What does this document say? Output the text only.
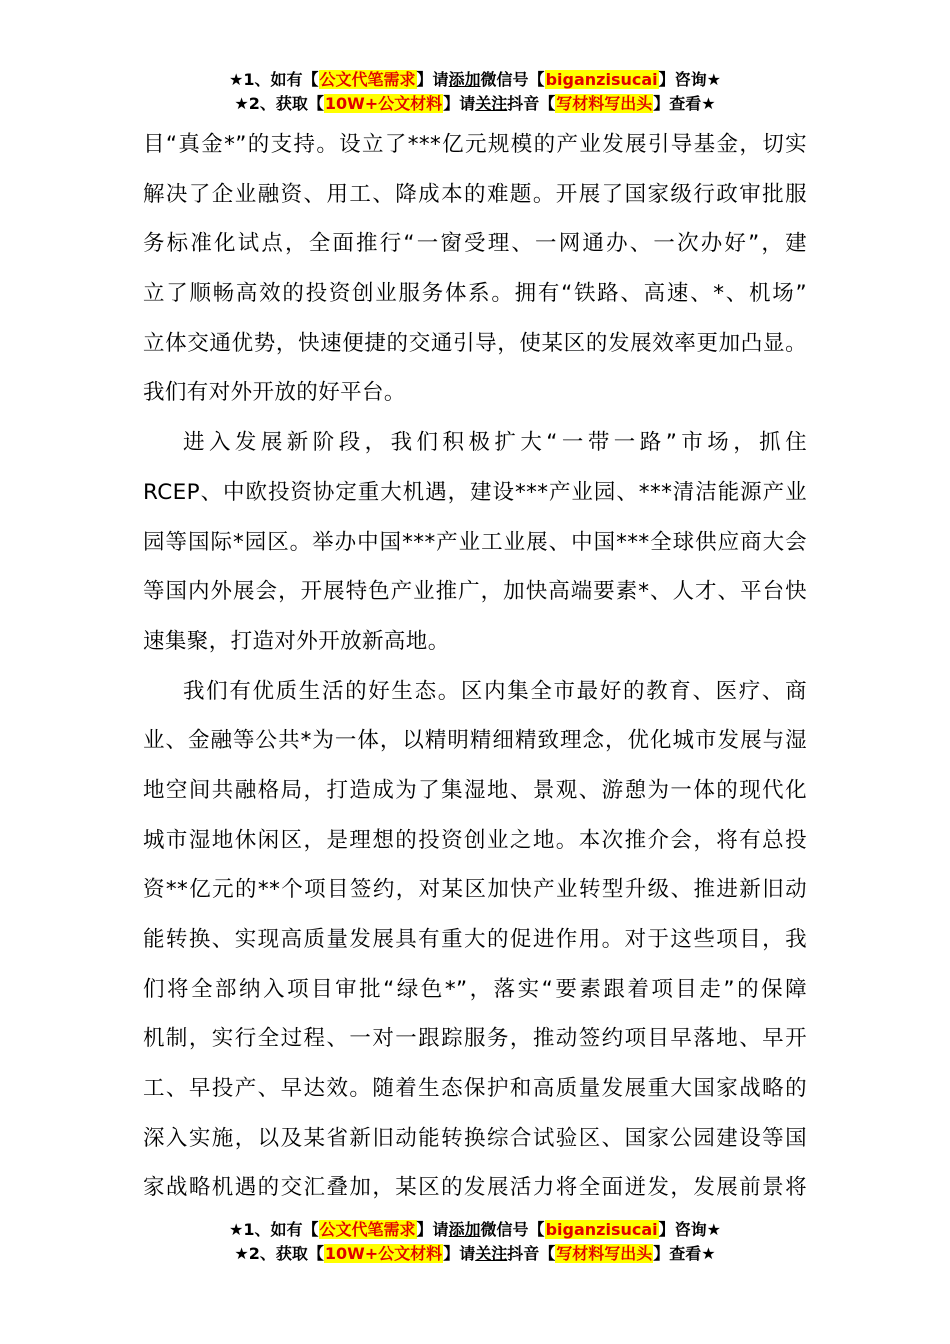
★1、如有【公文代笔需求】请添加微信号【biganzisucai】咨询★
★2、获取【10W+公文材料】请关注抖音【写材料写出头】查看★
目“真金*”的支持。设立了***亿元规模的产业发展引导基金，切实
解决了企业融资、用工、降成本的难题。开展了国家级行政审批服
务标准化试点，全面推行“一窗受理、一网通办、一次办好”，建
立了顺畅高效的投资创业服务体系。拥有“铁路、高速、*、机场”
立体交通优势，快速便捷的交通引导，使某区的发展效率更加凸显。
我们有对外开放的好平台。
进入发展新阶段，我们积极扩大“一带一路”市场，抓住
RCEP、中欧投资协定重大机遇，建设***产业园、***清洁能源产业
园等国际*园区。举办中国***产业工业展、中国***全球供应商大会
等国内外展会，开展特色产业推广，加快高端要素*、人才、平台快
速集聚，打造对外开放新高地。
我们有优质生活的好生态。区内集全市最好的教育、医疗、商
业、金融等公共*为一体，以精明精细精致理念，优化城市发展与湿
地空间共融格局，打造成为了集湿地、景观、游憩为一体的现代化
城市湿地休闲区，是理想的投资创业之地。本次推介会，将有总投
资**亿元的**个项目签约，对某区加快产业转型升级、推进新旧动
能转换、实现高质量发展具有重大的促进作用。对于这些项目，我
们将全部纳入项目审批“绿色*”，落实“要素跟着项目走”的保障
机制，实行全过程、一对一跟踪服务，推动签约项目早落地、早开
工、早投产、早达效。随着生态保护和高质量发展重大国家战略的
深入实施，以及某省新旧动能转换综合试验区、国家公园建设等国
家战略机遇的交汇叠加，某区的发展活力将全面迸发，发展前景将
★1、如有【公文代笔需求】请添加微信号【biganzisucai】咨询★
★2、获取【10W+公文材料】请关注抖音【写材料写出头】查看★
